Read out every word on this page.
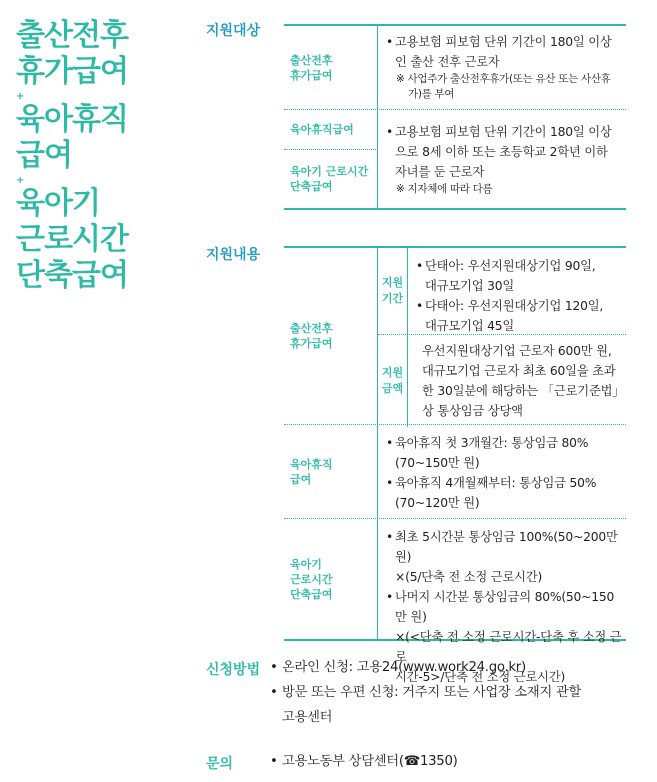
출산전후
휴가급여
+
육아휴직
급여
+
육아기
근로시간
단축급여
지원대상
출산전후
휴가급여
• 고용보험 피보험 단위 기간이 180일 이상인 출산 전후 근로자
※ 사업주가 출산전후휴가(또는 유산 또는 사산휴가)를 부여
육아휴직급여
육아기 근로시간
단축급여
• 고용보험 피보험 단위 기간이 180일 이상으로 8세 이하 또는 초등학교 2학년 이하 자녀를 둔 근로자
※ 지자체에 따라 다름
지원내용
출산전후
휴가급여
지원
기간
• 단태아: 우선지원대상기업 90일,
대규모기업 30일
• 다태아: 우선지원대상기업 120일,
대규모기업 45일
지원
금액
우선지원대상기업 근로자 600만 원, 대규모기업 근로자 최초 60일을 초과한 30일분에 해당하는 「근로기준법」상 통상임금 상당액
육아휴직
급여
• 육아휴직 첫 3개월간: 통상임금 80%
(70~150만 원)
• 육아휴직 4개월째부터: 통상임금 50%
(70~120만 원)
육아기
근로시간
단축급여
• 최초 5시간분 통상임금 100%(50~200만 원)
×(5/단축 전 소정 근로시간)
• 나머지 시간분 통상임금의 80%(50~150만 원)
×(<단축 전 소정 근로시간-단축 후 소정 근로
시간-5>/단축 전 소정 근로시간)
신청방법 • 온라인 신청: 고용24(www.work24.go.kr)
• 방문 또는 우편 신청: 거주지 또는 사업장 소재지 관할
고용센터
문의	• 고용노동부 상담센터(☎1350)
